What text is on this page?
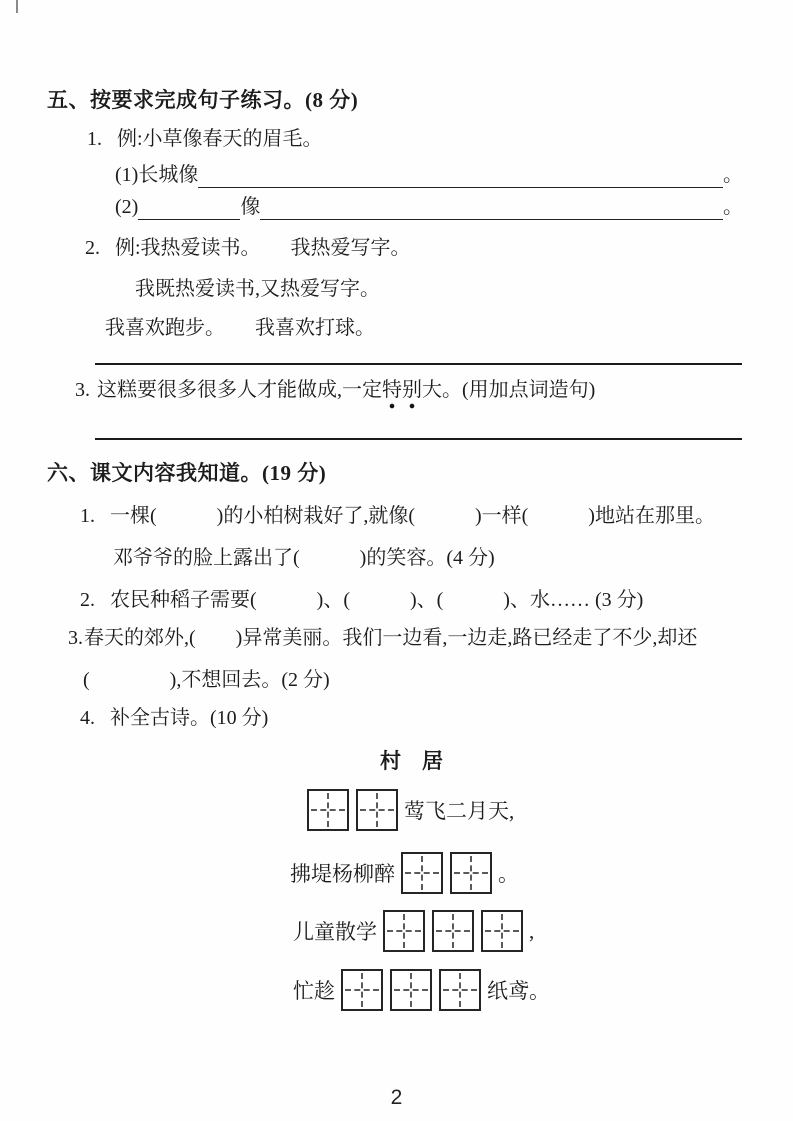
五、按要求完成句子练习。(8 分)
1. 例:小草像春天的眉毛。
(1)长城像	。
(2)	像	。
2. 例:我热爱读书。　　我热爱写字。
我既热爱读书,又热爱写字。
我喜欢跑步。　　我喜欢打球。
3. 这糕要很多很多人才能做成,一定特别大。(用加点词造句)
六、课文内容我知道。(19 分)
1. 一棵(　　　)的小柏树栽好了,就像(　　　)一样(　　　)地站在那里。
邓爷爷的脸上露出了(　　　)的笑容。(4 分)
2. 农民种稻子需要(　　　)、(　　　)、(　　　)、水…… (3 分)
3. 春天的郊外,(　　)异常美丽。我们一边看,一边走,路已经走了不少,却还
(　　　　),不想回去。(2 分)
4. 补全古诗。(10 分)
村　居
莺飞二月天,
拂堤杨柳醉	。
儿童散学	,
忙趁	纸鸢。
2
